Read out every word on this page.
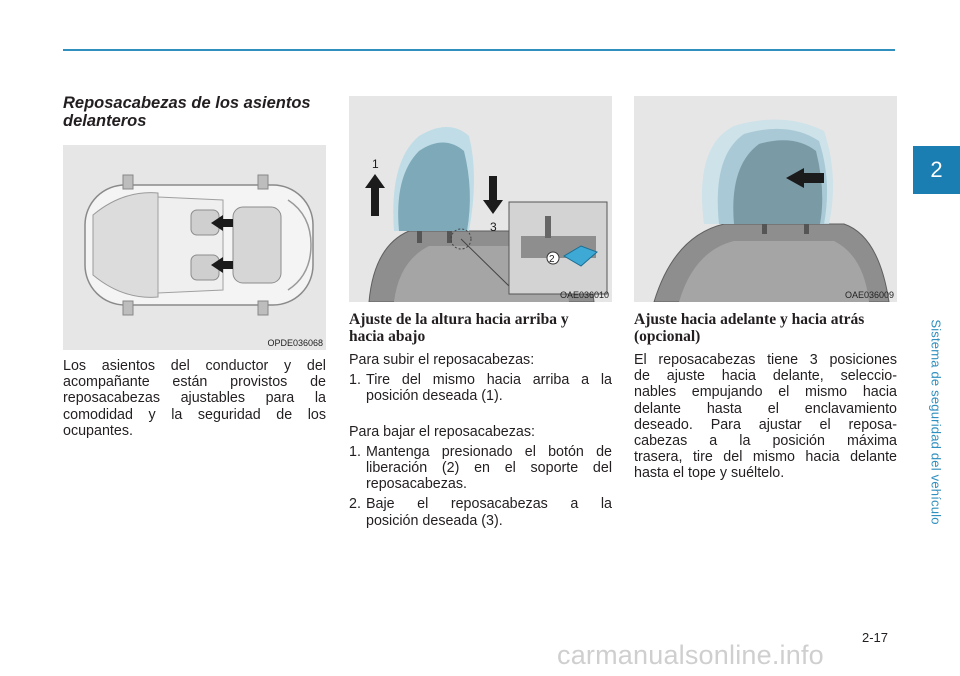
2
Sistema de seguridad del vehículo
Reposacabezas de los asientos
delanteros
OPDE036068

Los asientos del conductor y del

acompañante están provistos de

reposacabezas ajustables para la

comodidad y la seguridad de los

ocupantes.

1
3
2
OAE036010
Ajuste de la altura hacia arriba y
hacia abajo

Para subir el reposacabezas:

1. Tire del mismo hacia arriba a la
posición deseada (1).

Para bajar el reposacabezas:

1. Mantenga presionado el botón de
liberación (2) en el soporte del
reposacabezas.
2. Baje el reposacabezas a la
posición deseada (3).
OAE036009
Ajuste hacia adelante y hacia atrás
(opcional)

El reposacabezas tiene 3 posiciones

de ajuste hacia delante, seleccio-

nables empujando el mismo hacia

delante hasta el enclavamiento

deseado. Para ajustar el reposa-

cabezas a la posición máxima

trasera, tire del mismo hacia delante

hasta el tope y suéltelo.

2-17
carmanualsonline.info
